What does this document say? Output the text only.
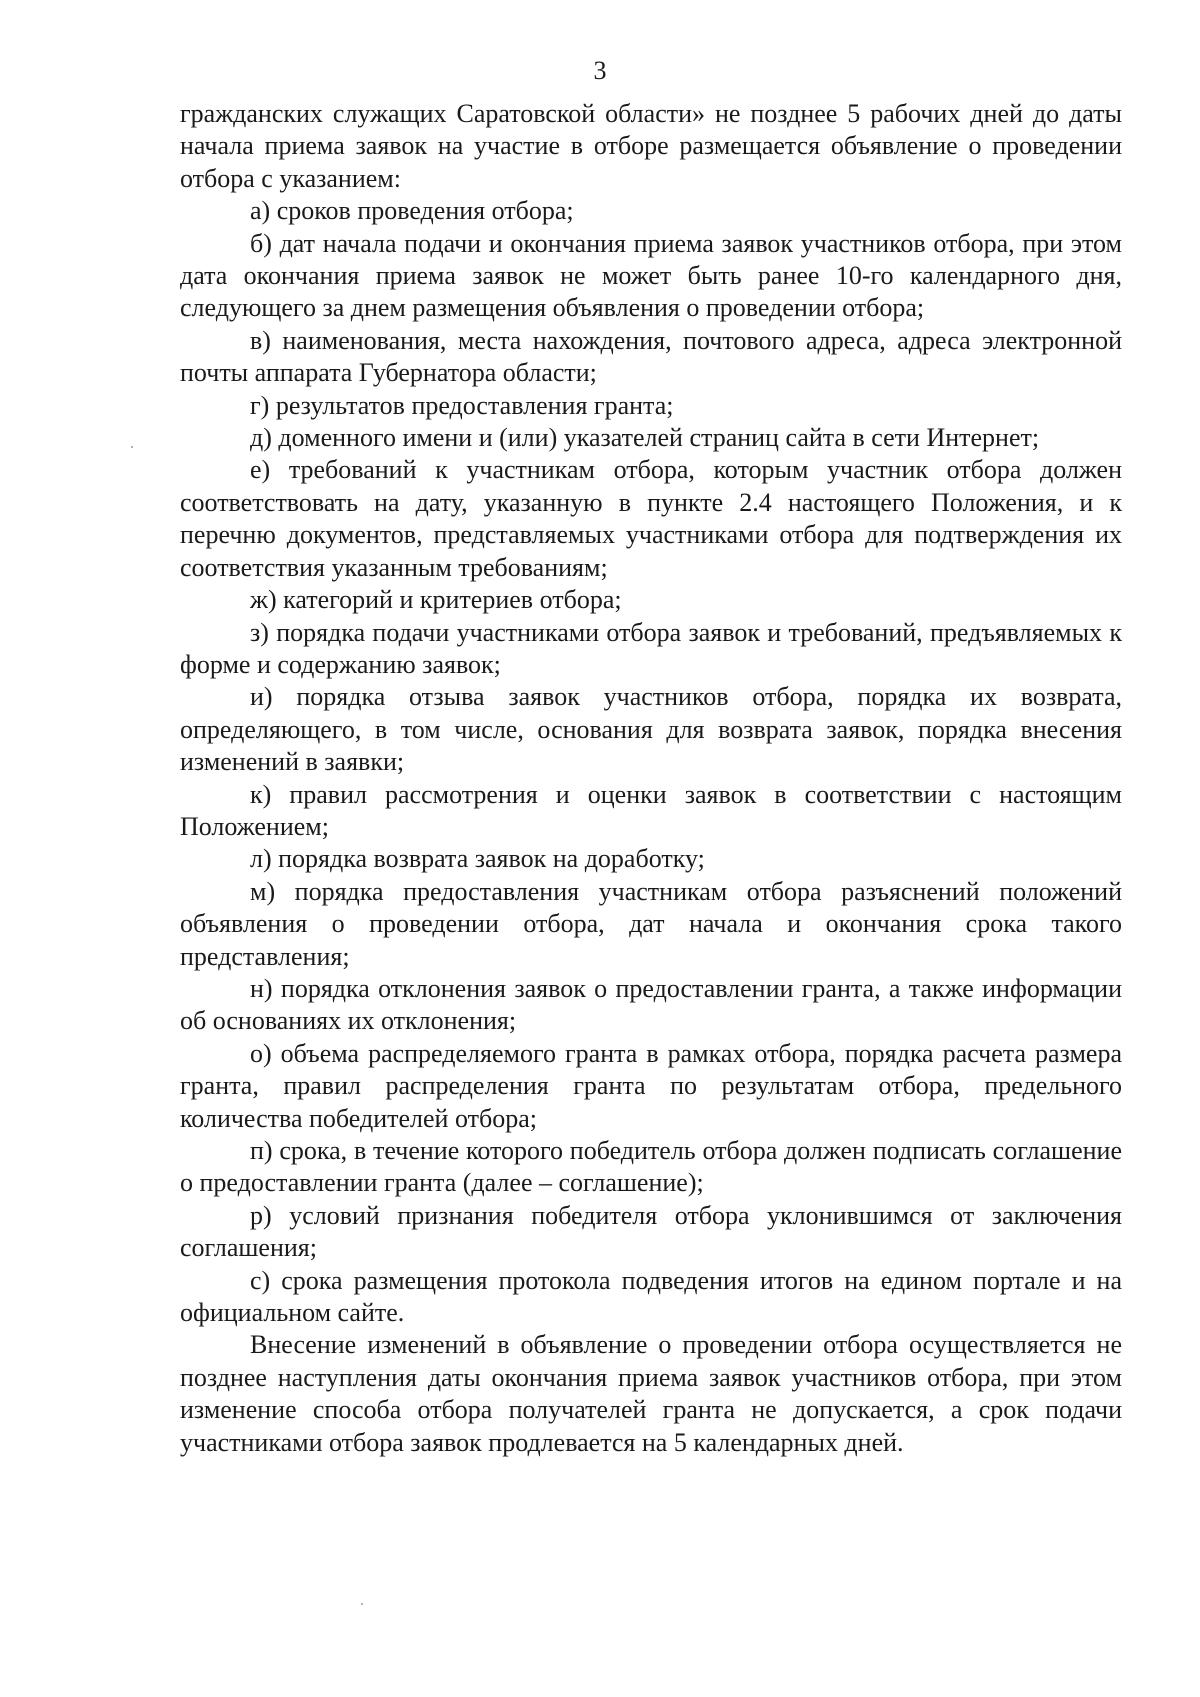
3

гражданских служащих Саратовской области» не позднее 5 рабочих дней до даты начала приема заявок на участие в отборе размещается объявление о проведении отбора с указанием:

а) сроков проведения отбора;

б) дат начала подачи и окончания приема заявок участников отбора, при этом дата окончания приема заявок не может быть ранее 10-го календарного дня, следующего за днем размещения объявления о проведении отбора;

в) наименования, места нахождения, почтового адреса, адреса электронной почты аппарата Губернатора области;

г) результатов предоставления гранта;

д) доменного имени и (или) указателей страниц сайта в сети Интернет;

е) требований к участникам отбора, которым участник отбора должен соответствовать на дату, указанную в пункте 2.4 настоящего Положения, и к перечню документов, представляемых участниками отбора для подтверждения их соответствия указанным требованиям;

ж) категорий и критериев отбора;

з) порядка подачи участниками отбора заявок и требований, предъявляемых к форме и содержанию заявок;

и) порядка отзыва заявок участников отбора, порядка их возврата, определяющего, в том числе, основания для возврата заявок, порядка внесения изменений в заявки;

к) правил рассмотрения и оценки заявок в соответствии с настоящим Положением;

л) порядка возврата заявок на доработку;

м) порядка предоставления участникам отбора разъяснений положений объявления о проведении отбора, дат начала и окончания срока такого представления;

н) порядка отклонения заявок о предоставлении гранта, а также информации об основаниях их отклонения;

о) объема распределяемого гранта в рамках отбора, порядка расчета размера гранта, правил распределения гранта по результатам отбора, предельного количества победителей отбора;

п) срока, в течение которого победитель отбора должен подписать соглашение о предоставлении гранта (далее – соглашение);

р) условий признания победителя отбора уклонившимся от заключения соглашения;

с) срока размещения протокола подведения итогов на едином портале и на официальном сайте.

Внесение изменений в объявление о проведении отбора осуществляется не позднее наступления даты окончания приема заявок участников отбора, при этом изменение способа отбора получателей гранта не допускается, а срок подачи участниками отбора заявок продлевается на 5 календарных дней.
